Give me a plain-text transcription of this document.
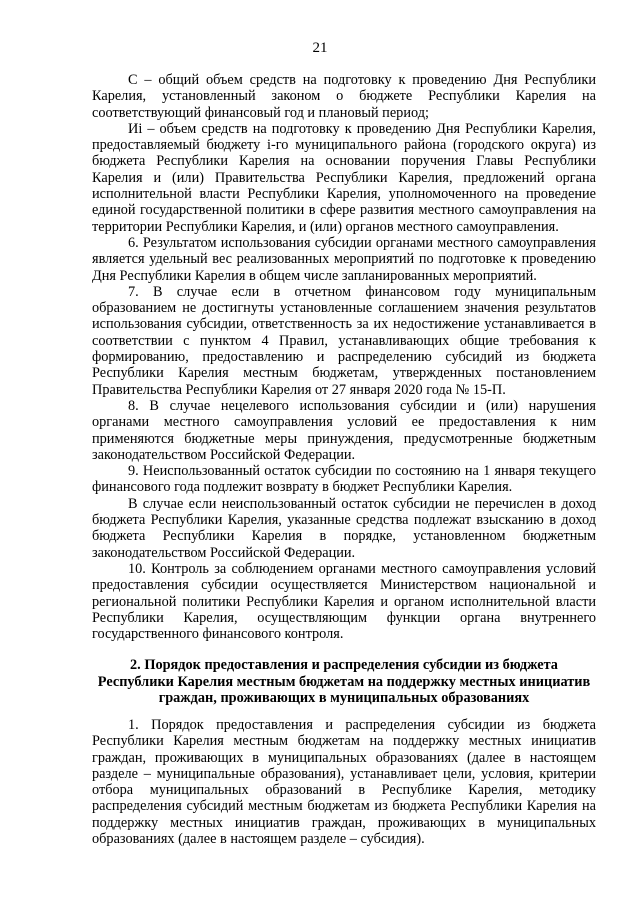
21

C – общий объем средств на подготовку к проведению Дня Республики Карелия, установленный законом о бюджете Республики Карелия на соответствующий финансовый год и плановый период;

Иi – объем средств на подготовку к проведению Дня Республики Карелия, предоставляемый бюджету i-го муниципального района (городского округа) из бюджета Республики Карелия на основании поручения Главы Республики Карелия и (или) Правительства Республики Карелия, предложений органа исполнительной власти Республики Карелия, уполномоченного на проведение единой государственной политики в сфере развития местного самоуправления на территории Республики Карелия, и (или) органов местного самоуправления.

6. Результатом использования субсидии органами местного самоуправления является удельный вес реализованных мероприятий по подготовке к проведению Дня Республики Карелия в общем числе запланированных мероприятий.

7. В случае если в отчетном финансовом году муниципальным образованием не достигнуты установленные соглашением значения результатов использования субсидии, ответственность за их недостижение устанавливается в соответствии с пунктом 4 Правил, устанавливающих общие требования к формированию, предоставлению и распределению субсидий из бюджета Республики Карелия местным бюджетам, утвержденных постановлением Правительства Республики Карелия от 27 января 2020 года № 15-П.

8. В случае нецелевого использования субсидии и (или) нарушения органами местного самоуправления условий ее предоставления к ним применяются бюджетные меры принуждения, предусмотренные бюджетным законодательством Российской Федерации.

9. Неиспользованный остаток субсидии по состоянию на 1 января текущего финансового года подлежит возврату в бюджет Республики Карелия.

В случае если неиспользованный остаток субсидии не перечислен в доход бюджета Республики Карелия, указанные средства подлежат взысканию в доход бюджета Республики Карелия в порядке, установленном бюджетным законодательством Российской Федерации.

10. Контроль за соблюдением органами местного самоуправления условий предоставления субсидии осуществляется Министерством национальной и региональной политики Республики Карелия и органом исполнительной власти Республики Карелия, осуществляющим функции органа внутреннего государственного финансового контроля.

2. Порядок предоставления и распределения субсидии из бюджета
Республики Карелия местным бюджетам на поддержку местных инициатив
граждан, проживающих в муниципальных образованиях

1. Порядок предоставления и распределения субсидии из бюджета Республики Карелия местным бюджетам на поддержку местных инициатив граждан, проживающих в муниципальных образованиях (далее в настоящем разделе – муниципальные образования), устанавливает цели, условия, критерии отбора муниципальных образований в Республике Карелия, методику распределения субсидий местным бюджетам из бюджета Республики Карелия на поддержку местных инициатив граждан, проживающих в муниципальных образованиях (далее в настоящем разделе – субсидия).
